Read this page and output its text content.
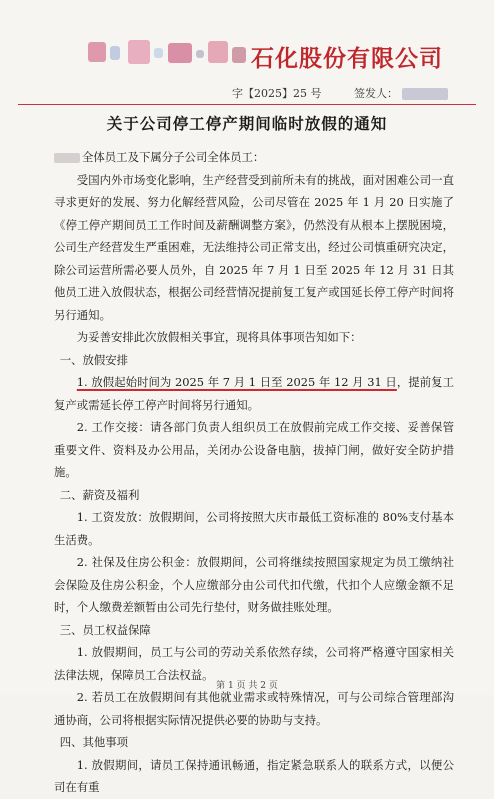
石化股份有限公司
字【2025】25 号	签发人：
关于公司停工停产期间临时放假的通知

全体员工及下属分子公司全体员工：

受国内外市场变化影响，生产经营受到前所未有的挑战，面对困难公司一直寻求更好的发展、努力化解经营风险，公司尽管在 2025 年 1 月 20 日实施了《停工停产期间员工工作时间及薪酬调整方案》，仍然没有从根本上摆脱困境，公司生产经营发生严重困难，无法维持公司正常支出，经过公司慎重研究决定，除公司运营所需必要人员外，自 2025 年 7 月 1 日至 2025 年 12 月 31 日其他员工进入放假状态，根据公司经营情况提前复工复产或国延长停工停产时间将另行通知。

为妥善安排此次放假相关事宜，现将具体事项告知如下：

一、放假安排

1. 放假起始时间为 2025 年 7 月 1 日至 2025 年 12 月 31 日，提前复工复产或需延长停工停产时间将另行通知。

2. 工作交接：请各部门负责人组织员工在放假前完成工作交接、妥善保管重要文件、资料及办公用品，关闭办公设备电脑，拔掉门闸，做好安全防护措施。

二、薪资及福利

1. 工资发放：放假期间，公司将按照大庆市最低工资标准的 80%支付基本生活费。

2. 社保及住房公积金：放假期间，公司将继续按照国家规定为员工缴纳社会保险及住房公积金，个人应缴部分由公司代扣代缴，代扣个人应缴金额不足时，个人缴费差额暂由公司先行垫付，财务做挂账处理。

三、员工权益保障

1. 放假期间，员工与公司的劳动关系依然存续，公司将严格遵守国家相关法律法规，保障员工合法权益。

2. 若员工在放假期间有其他就业需求或特殊情况，可与公司综合管理部沟通协商，公司将根据实际情况提供必要的协助与支持。

四、其他事项

1. 放假期间，请员工保持通讯畅通，指定紧急联系人的联系方式，以便公司在有重

第 1 页 共 2 页
